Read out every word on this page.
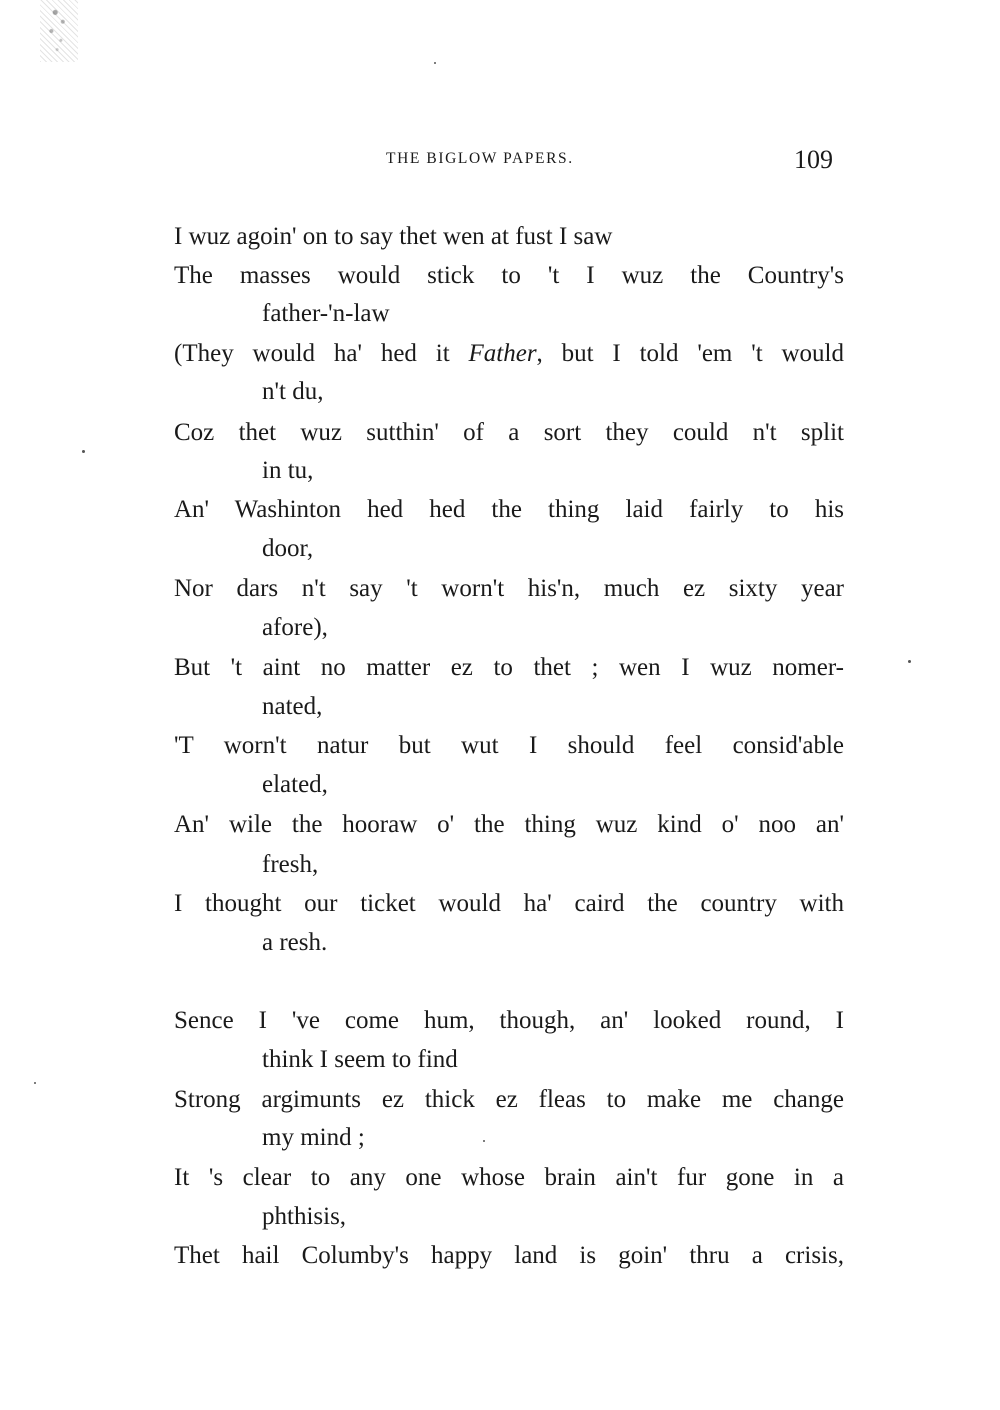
THE BIGLOW PAPERS.	109
I wuz agoin' on to say thet wen at fust I saw
The masses would stick to 't I wuz the Country's
father-'n-law
(They would ha' hed it Father, but I told 'em 't would
n't du,
Coz thet wuz sutthin' of a sort they could n't split
in tu,
An' Washinton hed hed the thing laid fairly to his
door,
Nor dars n't say 't worn't his'n, much ez sixty year
afore),
But 't aint no matter ez to thet ; wen I wuz nomer-
nated,
'T worn't natur but wut I should feel consid'able
elated,
An' wile the hooraw o' the thing wuz kind o' noo an'
fresh,
I thought our ticket would ha' caird the country with
a resh.
Sence I 've come hum, though, an' looked round, I
think I seem to find
Strong argimunts ez thick ez fleas to make me change
my mind ;
It 's clear to any one whose brain ain't fur gone in a
phthisis,
Thet hail Columby's happy land is goin' thru a crisis,
